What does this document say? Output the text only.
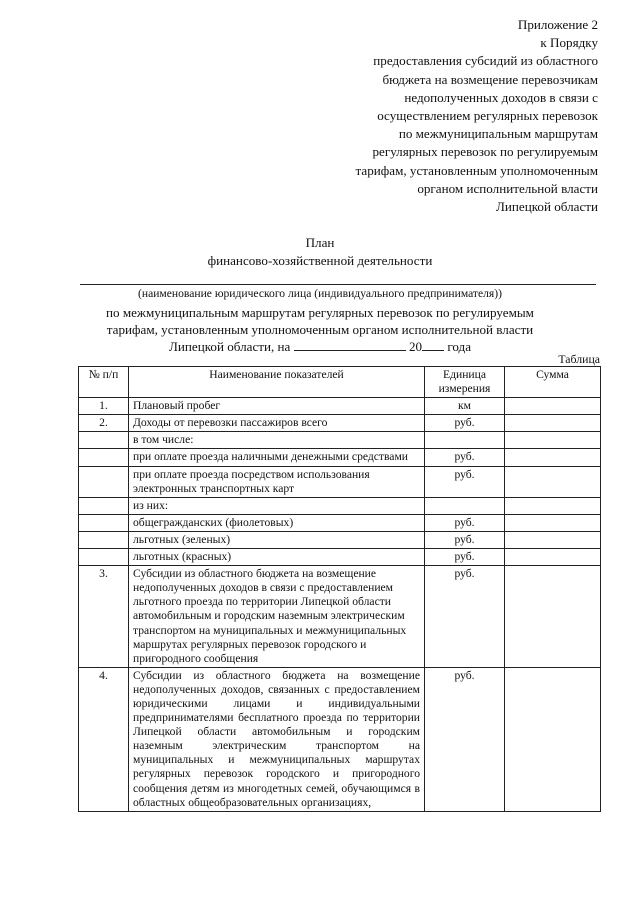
Приложение 2
к Порядку
предоставления субсидий из областного
бюджета на возмещение перевозчикам
недополученных доходов в связи с
осуществлением регулярных перевозок
по межмуниципальным маршрутам
регулярных перевозок по регулируемым
тарифам, установленным уполномоченным
органом исполнительной власти
Липецкой области
План
финансово-хозяйственной деятельности
(наименование юридического лица (индивидуального предпринимателя))
по межмуниципальным маршрутам регулярных перевозок по регулируемым
тарифам, установленным уполномоченным органом исполнительной власти
Липецкой области, на	20 года
Таблица
№ п/п	Наименование показателей	Единица измерения	Сумма
1.	Плановый пробег	км	
2.	Доходы от перевозки пассажиров всего	руб.	
	в том числе:		
	при оплате проезда наличными денежными средствами	руб.	
	при оплате проезда посредством использования электронных транспортных карт	руб.	
	из них:		
	общегражданских (фиолетовых)	руб.	
	льготных (зеленых)	руб.	
	льготных (красных)	руб.	
3.	Субсидии из областного бюджета на возмещение недополученных доходов в связи с предоставлением льготного проезда по территории Липецкой области автомобильным и городским наземным электрическим транспортом на муниципальных и межмуниципальных маршрутах регулярных перевозок городского и пригородного сообщения	руб.	
4.	Субсидии из областного бюджета на возмещение недополученных доходов, связанных с предоставлением юридическими лицами и индивидуальными предпринимателями бесплатного проезда по территории Липецкой области автомобильным и городским наземным электрическим транспортом на муниципальных и межмуниципальных маршрутах регулярных перевозок городского и пригородного сообщения детям из многодетных семей, обучающимся в областных общеобразовательных организациях,	руб.	
